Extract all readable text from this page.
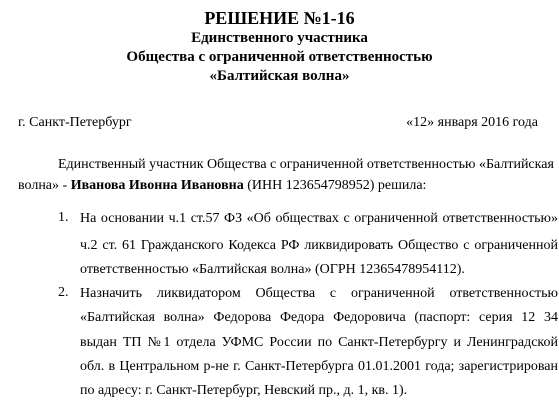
РЕШЕНИЕ №1-16
Единственного участника
Общества с ограниченной ответственностью
«Балтийская волна»
г. Санкт-Петербург	«12» января 2016 года
Единственный участник Общества с ограниченной ответственностью «Балтийская
волна» - Иванова Ивонна Ивановна (ИНН 123654798952) решила:
1. На основании ч.1 ст.57 ФЗ «Об обществах с ограниченной ответственностью»
ч.2 ст. 61 Гражданского Кодекса РФ ликвидировать Общество с ограниченной
ответственностью «Балтийская волна» (ОГРН 12365478954112).
2. Назначить ликвидатором Общества с ограниченной ответственностью
«Балтийская волна» Федорова Федора Федоровича (паспорт: серия 12 34
выдан ТП №1 отдела УФМС России по Санкт-Петербургу и Ленинградской
обл. в Центральном р-не г. Санкт-Петербурга 01.01.2001 года; зарегистрирован
по адресу: г. Санкт-Петербург, Невский пр., д. 1, кв. 1).
